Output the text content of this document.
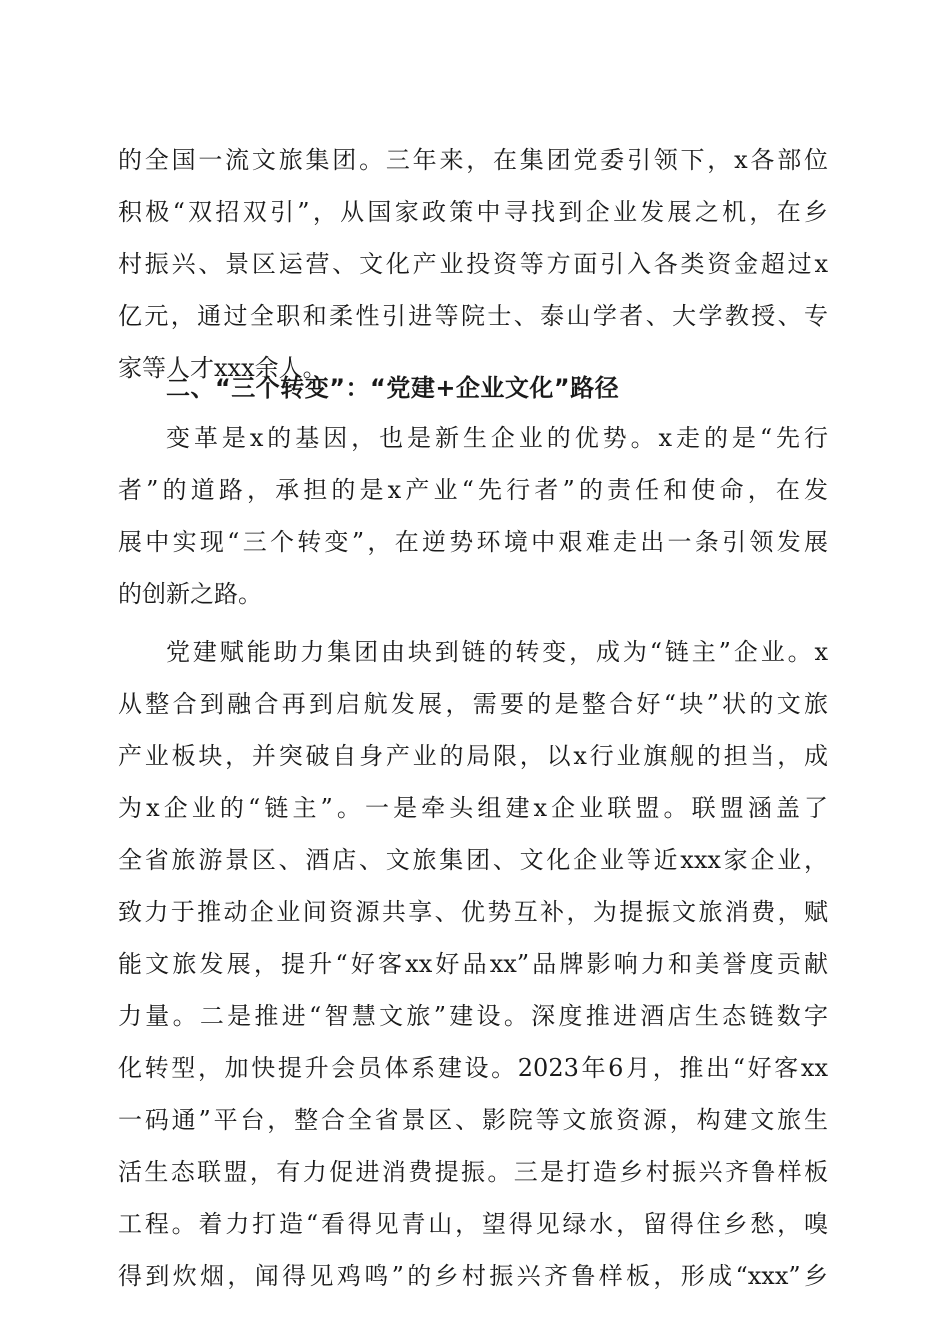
的全国一流文旅集团。三年来，在集团党委引领下，x各部位
积极“双招双引”，从国家政策中寻找到企业发展之机，在乡
村振兴、景区运营、文化产业投资等方面引入各类资金超过x
亿元，通过全职和柔性引进等院士、泰山学者、大学教授、专
家等人才xxx余人。
二、“三个转变”：“党建+企业文化”路径
变革是x的基因，也是新生企业的优势。x走的是“先行
者”的道路，承担的是x产业“先行者”的责任和使命，在发
展中实现“三个转变”，在逆势环境中艰难走出一条引领发展
的创新之路。
党建赋能助力集团由块到链的转变，成为“链主”企业。x
从整合到融合再到启航发展，需要的是整合好“块”状的文旅
产业板块，并突破自身产业的局限，以x行业旗舰的担当，成
为x企业的“链主”。一是牵头组建x企业联盟。联盟涵盖了
全省旅游景区、酒店、文旅集团、文化企业等近xxx家企业，
致力于推动企业间资源共享、优势互补，为提振文旅消费，赋
能文旅发展，提升“好客xx好品xx”品牌影响力和美誉度贡献
力量。二是推进“智慧文旅”建设。深度推进酒店生态链数字
化转型，加快提升会员体系建设。2023年6月，推出“好客xx
一码通”平台，整合全省景区、影院等文旅资源，构建文旅生
活生态联盟，有力促进消费提振。三是打造乡村振兴齐鲁样板
工程。着力打造“看得见青山，望得见绿水，留得住乡愁，嗅
得到炊烟，闻得见鸡鸣”的乡村振兴齐鲁样板，形成“xxx”乡
